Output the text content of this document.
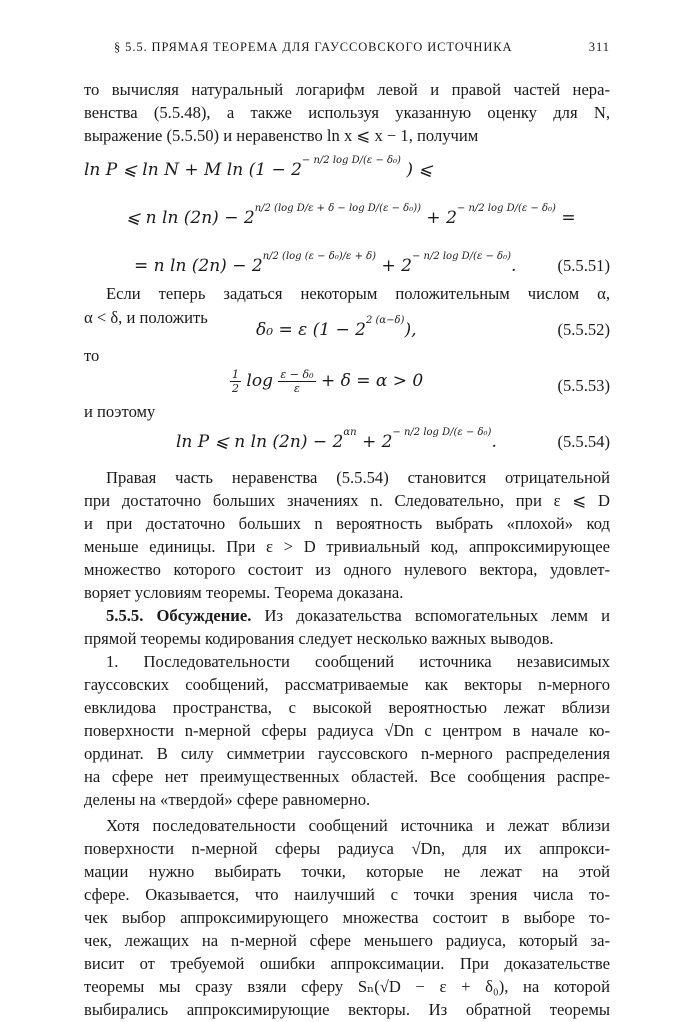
§ 5.5. ПРЯМАЯ ТЕОРЕМА ДЛЯ ГАУССОВСКОГО ИСТОЧНИКА	311
то вычисляя натуральный логарифм левой и правой частей нера-
венства (5.5.48), а также используя указанную оценку для N,
выражение (5.5.50) и неравенство ln x ⩽ x − 1, получим
ln P ⩽ ln N + M $\ln (1 - 2^{- n/2 log D/(\varepsilon - \delta_0)}$ ) ⩽
⩽ n $\ln (2n) - 2^{n/2 (log D/\varepsilon + \delta - log D/(\varepsilon - \delta_0))} + 2^{- n/2 log D/(\varepsilon - \delta_0)}$ =
= n $\ln (2n) - 2^{n/2 (log (\varepsilon - \delta_0)/\varepsilon + \delta)} + 2^{- n/2 log D/(\varepsilon - \delta_0)}$. (5.5.51)
Если теперь задаться некоторым положительным числом α,
α < δ, и положить
δ₀ = ε $(1 - 2^{2 (\alpha-\delta)})$,	(5.5.52)
то
$\frac{1}{2}$ $\log \frac{\text{ε − δ₀}}{\varepsilon} + \delta = \alpha > 0$	(5.5.53)
и поэтому
ln P ⩽ n $\ln (2n) - 2^{\alpha n} + 2^{- n/2 log D/(\varepsilon - \delta_0)}$.	(5.5.54)
Правая часть неравенства (5.5.54) становится отрицательной
при достаточно больших значениях n. Следовательно, при ε ⩽ D
и при достаточно больших n вероятность выбрать «плохой» код
меньше единицы. При ε > D тривиальный код, аппроксимирующее
множество которого состоит из одного нулевого вектора, удовлет-
воряет условиям теоремы. Теорема доказана.
5.5.5. Обсуждение. Из доказательства вспомогательных лемм и
прямой теоремы кодирования следует несколько важных выводов.
1. Последовательности сообщений источника независимых
гауссовских сообщений, рассматриваемые как векторы n-мерного
евклидова пространства, с высокой вероятностью лежат вблизи
поверхности n-мерной сферы радиуса √Dn с центром в начале ко-
ординат. В силу симметрии гауссовского n-мерного распределения
на сфере нет преимущественных областей. Все сообщения распре-
делены на «твердой» сфере равномерно.
Хотя последовательности сообщений источника и лежат вблизи
поверхности n-мерной сферы радиуса √Dn, для их аппрокси-
мации нужно выбирать точки, которые не лежат на этой
сфере. Оказывается, что наилучший с точки зрения числа то-
чек выбор аппроксимирующего множества состоит в выборе то-
чек, лежащих на n-мерной сфере меньшего радиуса, который за-
висит от требуемой ошибки аппроксимации. При доказательстве
теоремы мы сразу взяли сферу Sₙ(√D − ε + δ₀), на которой
выбирались аппроксимирующие векторы. Из обратной теоремы
